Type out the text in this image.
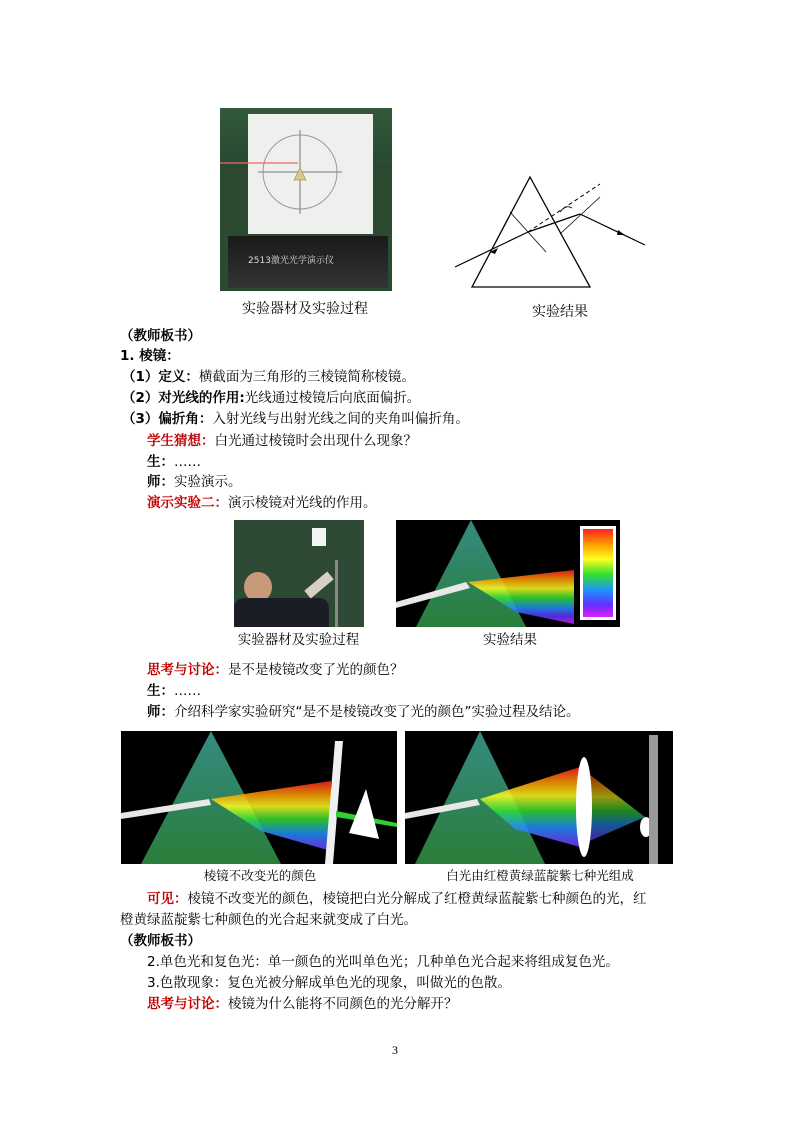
2513激光光学演示仪
实验器材及实验过程	实验结果
（教师板书）
1. 棱镜：
（1）定义：横截面为三角形的三棱镜简称棱镜。
（2）对光线的作用:光线通过棱镜后向底面偏折。
（3）偏折角：入射光线与出射光线之间的夹角叫偏折角。
学生猜想：白光通过棱镜时会出现什么现象？
生：……
师：实验演示。
演示实验二：演示棱镜对光线的作用。
实验器材及实验过程	实验结果
思考与讨论：是不是棱镜改变了光的颜色？
生：……
师：介绍科学家实验研究“是不是棱镜改变了光的颜色”实验过程及结论。
棱镜不改变光的颜色	白光由红橙黄绿蓝靛紫七种光组成
可见：棱镜不改变光的颜色，棱镜把白光分解成了红橙黄绿蓝靛紫七种颜色的光，红
橙黄绿蓝靛紫七种颜色的光合起来就变成了白光。
（教师板书）
2.单色光和复色光：单一颜色的光叫单色光；几种单色光合起来将组成复色光。
3.色散现象：复色光被分解成单色光的现象，叫做光的色散。
思考与讨论：棱镜为什么能将不同颜色的光分解开？
3
